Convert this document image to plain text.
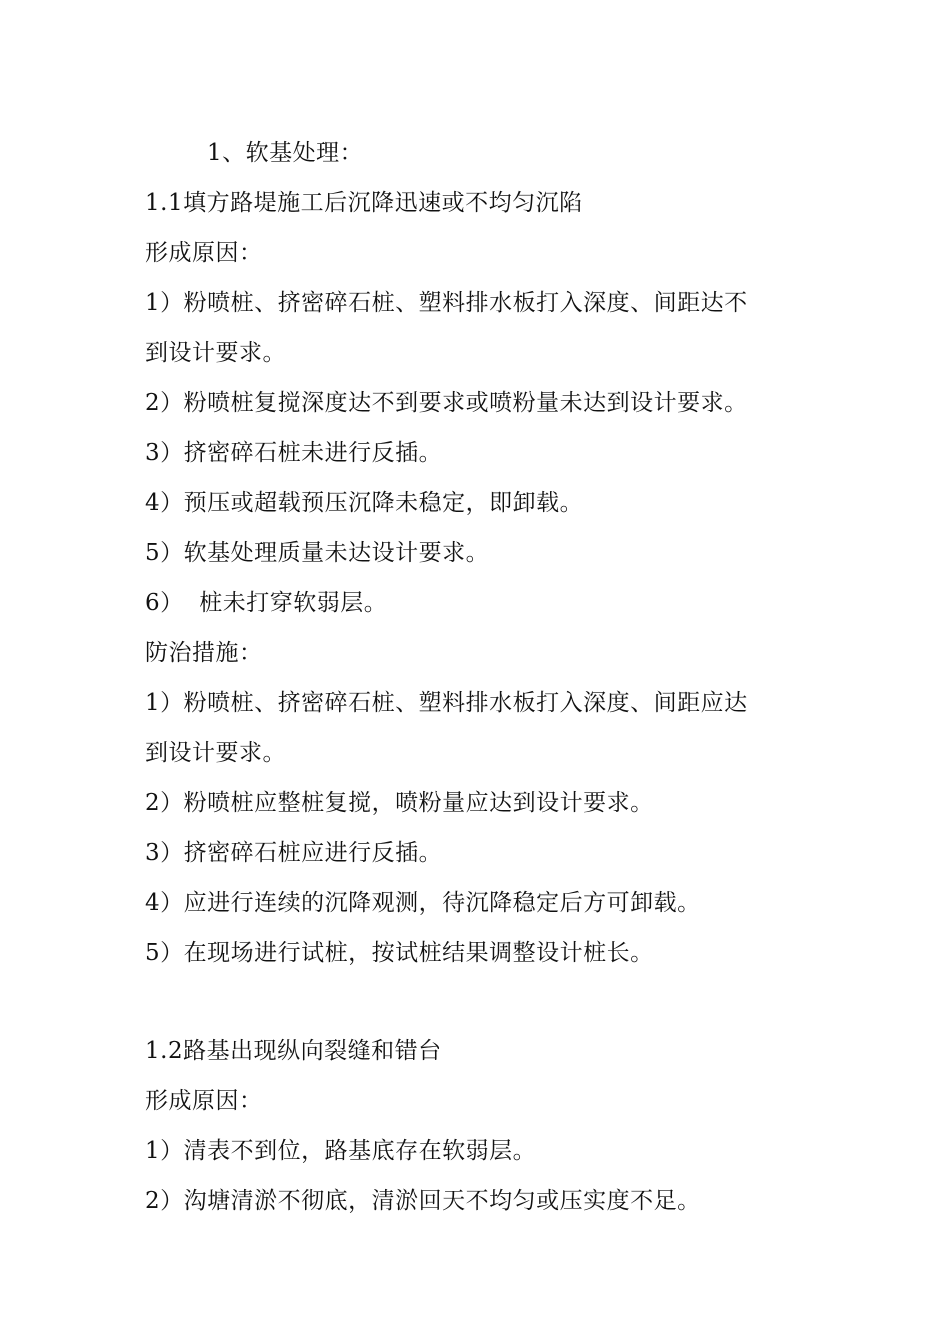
1、软基处理：
1.1填方路堤施工后沉降迅速或不均匀沉陷
形成原因：
1）粉喷桩、挤密碎石桩、塑料排水板打入深度、间距达不
到设计要求。
2）粉喷桩复搅深度达不到要求或喷粉量未达到设计要求。
3）挤密碎石桩未进行反插。
4）预压或超载预压沉降未稳定，即卸载。
5）软基处理质量未达设计要求。
6）  桩未打穿软弱层。
防治措施：
1）粉喷桩、挤密碎石桩、塑料排水板打入深度、间距应达
到设计要求。
2）粉喷桩应整桩复搅，喷粉量应达到设计要求。
3）挤密碎石桩应进行反插。
4）应进行连续的沉降观测，待沉降稳定后方可卸载。
5）在现场进行试桩，按试桩结果调整设计桩长。
1.2路基出现纵向裂缝和错台
形成原因：
1）清表不到位，路基底存在软弱层。
2）沟塘清淤不彻底，清淤回天不均匀或压实度不足。
